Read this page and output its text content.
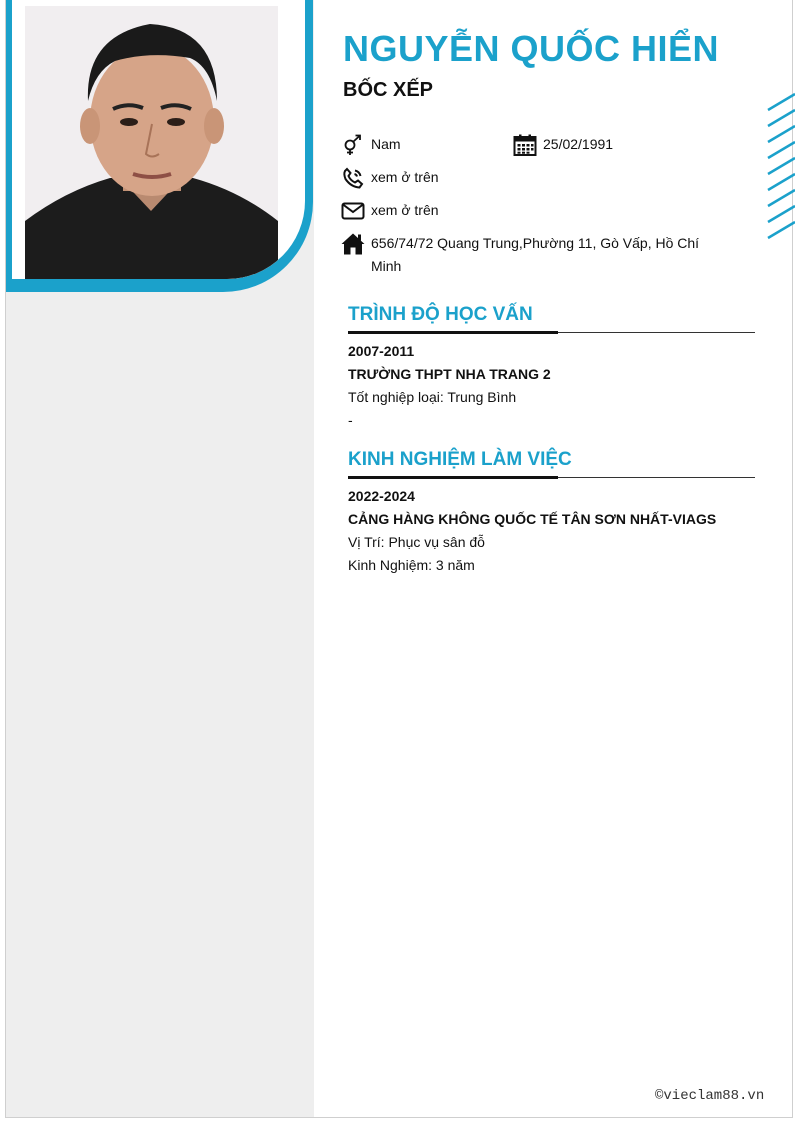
NGUYỄN QUỐC HIỂN
BỐC XẾP
Nam	25/02/1991
xem ở trên
xem ở trên
656/74/72 Quang Trung,Phường 11, Gò Vấp, Hồ Chí
Minh
TRÌNH ĐỘ HỌC VẤN
2007-2011
TRƯỜNG THPT NHA TRANG 2
Tốt nghiệp loại: Trung Bình
-
KINH NGHIỆM LÀM VIỆC
2022-2024
CẢNG HÀNG KHÔNG QUỐC TẾ TÂN SƠN NHẤT-VIAGS
Vị Trí: Phục vụ sân đỗ
Kinh Nghiệm: 3 năm
©vieclam88.vn
